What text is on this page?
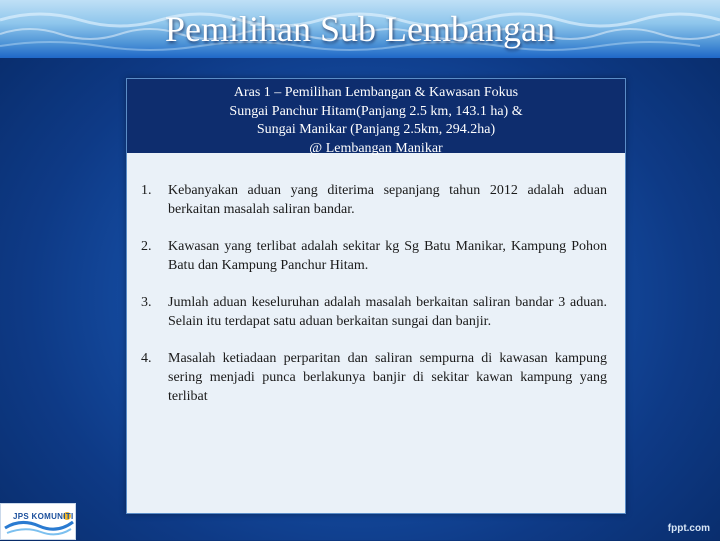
Pemilihan Sub Lembangan
Aras 1 – Pemilihan Lembangan & Kawasan Fokus
Sungai Panchur Hitam(Panjang 2.5 km, 143.1 ha) &
Sungai Manikar (Panjang 2.5km, 294.2ha)
@ Lembangan Manikar
1.	Kebanyakan aduan yang diterima sepanjang tahun 2012 adalah aduan berkaitan masalah saliran bandar.
2.	Kawasan yang terlibat adalah sekitar kg Sg Batu Manikar, Kampung Pohon Batu dan Kampung Panchur Hitam.
3.	Jumlah aduan keseluruhan adalah masalah berkaitan saliran bandar 3 aduan. Selain itu terdapat satu aduan berkaitan sungai dan banjir.
4.	Masalah ketiadaan perparitan dan saliran sempurna di kawasan kampung sering menjadi punca berlakunya banjir di sekitar kawan kampung yang terlibat
JPS KOMUNITI
fppt.com
